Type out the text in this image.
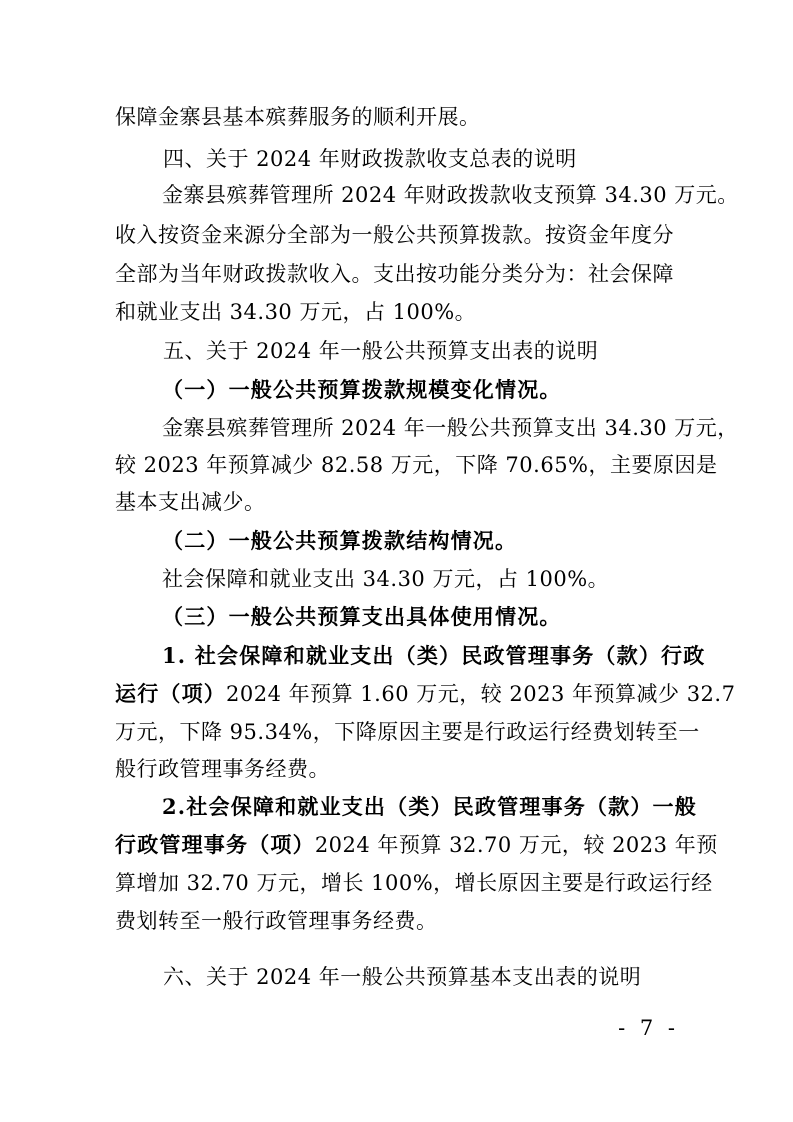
保障金寨县基本殡葬服务的顺利开展。
四、关于 2024 年财政拨款收支总表的说明
金寨县殡葬管理所 2024 年财政拨款收支预算 34.30 万元。
收入按资金来源分全部为一般公共预算拨款。按资金年度分
全部为当年财政拨款收入。支出按功能分类分为：社会保障
和就业支出 34.30 万元，占 100%。
五、关于 2024 年一般公共预算支出表的说明
（一）一般公共预算拨款规模变化情况。
金寨县殡葬管理所 2024 年一般公共预算支出 34.30 万元，
较 2023 年预算减少 82.58 万元，下降 70.65%，主要原因是
基本支出减少。
（二）一般公共预算拨款结构情况。
社会保障和就业支出 34.30 万元，占 100%。
（三）一般公共预算支出具体使用情况。
1. 社会保障和就业支出（类）民政管理事务（款）行政
运行（项）2024 年预算 1.60 万元，较 2023 年预算减少 32.7
万元，下降 95.34%，下降原因主要是行政运行经费划转至一
般行政管理事务经费。
2.社会保障和就业支出（类）民政管理事务（款）一般
行政管理事务（项）2024 年预算 32.70 万元，较 2023 年预
算增加 32.70 万元，增长 100%，增长原因主要是行政运行经
费划转至一般行政管理事务经费。
六、关于 2024 年一般公共预算基本支出表的说明
- 7 -
